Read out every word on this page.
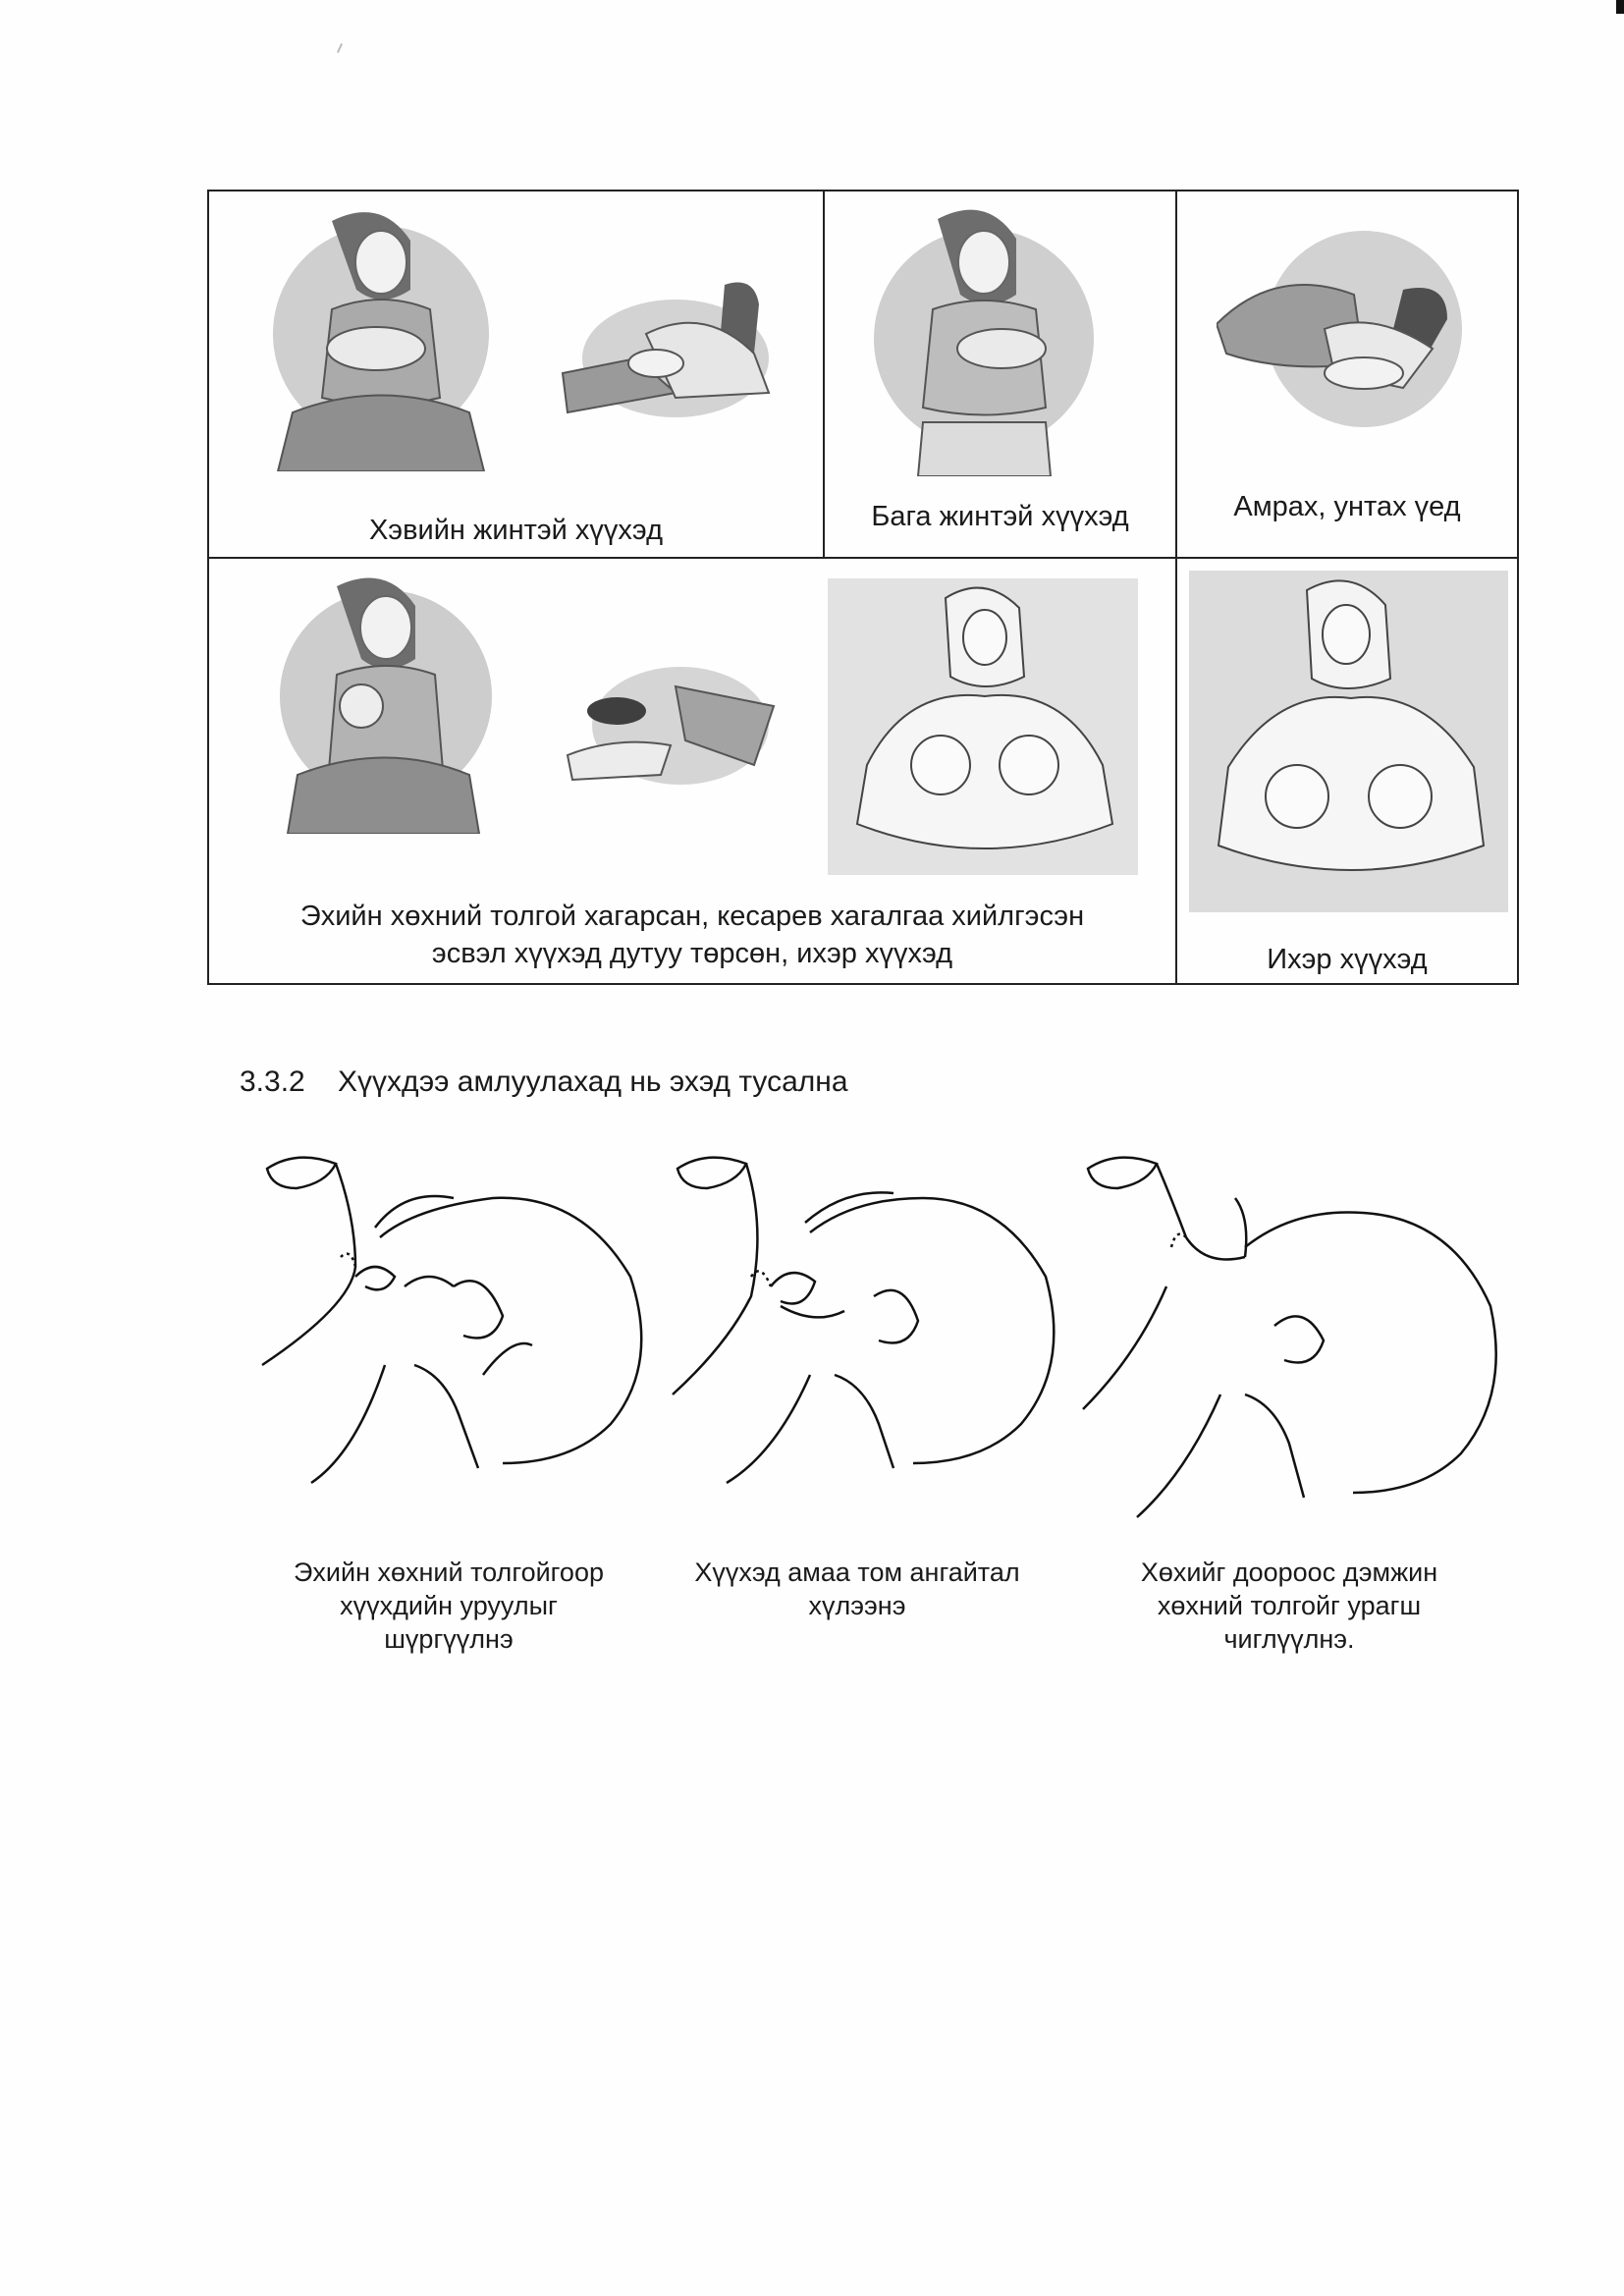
Хэвийн жинтэй хүүхэд	Бага жинтэй хүүхэд	Амрах, унтах үед
Эхийн хөхний толгой хагарсан, кесарев хагалгаа хийлгэсэн
эсвэл хүүхэд дутуу төрсөн, ихэр хүүхэд	Ихэр хүүхэд
3.3.2 Хүүхдээ амлуулахад нь эхэд тусална
Эхийн хөхний толгойгоор
хүүхдийн уруулыг
шүргүүлнэ
Хүүхэд амаа том ангайтал
хүлээнэ
Хөхийг доороос дэмжин
хөхний толгойг урагш
чиглүүлнэ.
